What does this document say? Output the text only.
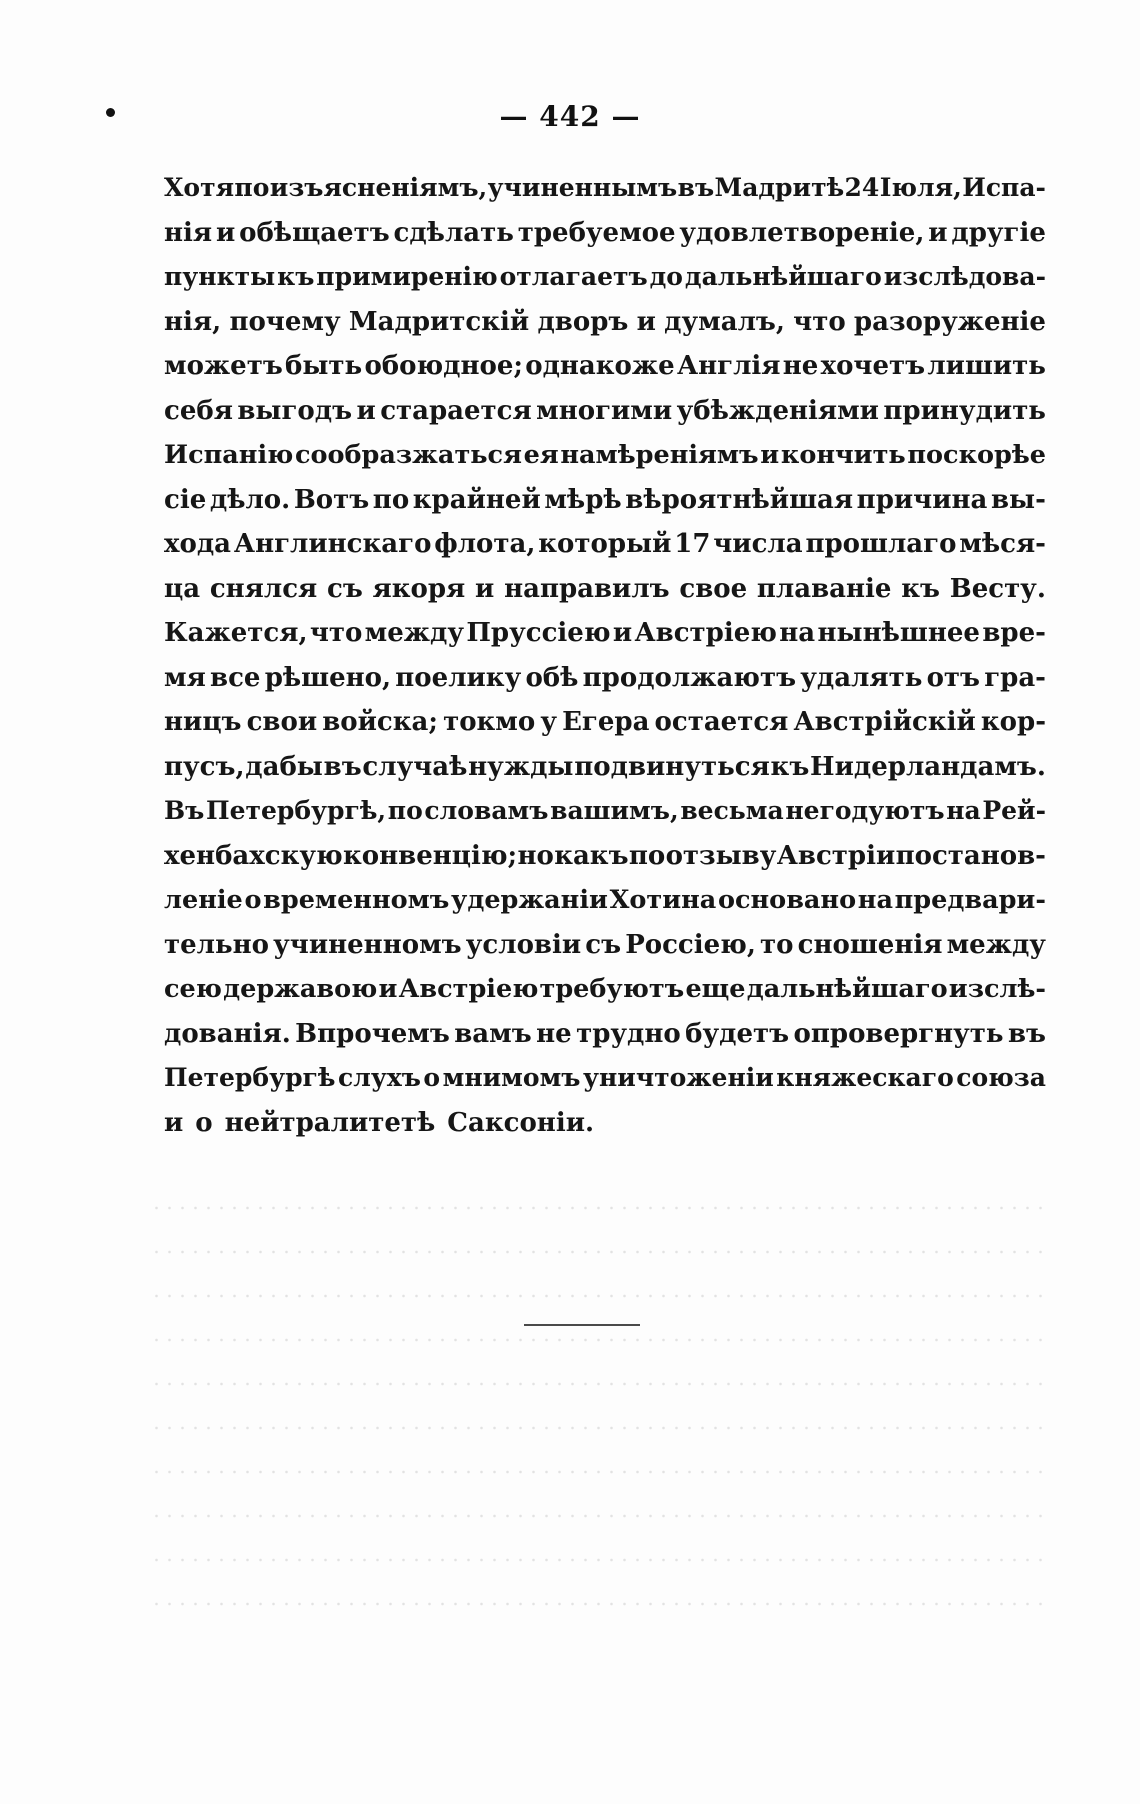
— 442 —
Хотя по изъясненіямъ, учиненнымъ въ Мадритѣ 24 Іюля, Испа-
нія и обѣщаетъ сдѣлать требуемое удовлетвореніе, и другіе
пункты къ примиренію отлагаетъ до дальнѣйшаго изслѣдова-
нія, почему Мадритскій дворъ и думалъ, что разоруженіе
можетъ быть обоюдное; однакоже Англія не хочетъ лишить
себя выгодъ и старается многими убѣжденіями принудить
Испанію сообразжаться ея намѣреніямъ и кончить поскорѣе
сіе дѣло. Вотъ по крайней мѣрѣ вѣроятнѣйшая причина вы-
хода Англинскаго флота, который 17 числа прошлаго мѣся-
ца снялся съ якоря и направилъ свое плаваніе къ Весту.
Кажется, что между Пруссіею и Австріею на нынѣшнее вре-
мя все рѣшено, поелику обѣ продолжаютъ удалять отъ гра-
ницъ свои войска; токмо у Егера остается Австрійскій кор-
пусъ, дабы въ случаѣ нужды подвинуться къ Нидерландамъ.
Въ Петербургѣ, по словамъ вашимъ, весьма негодуютъ на Рей-
хенбахскую конвенцію; но какъ по отзыву Австріи постанов-
леніе о временномъ удержаніи Хотина основано на предвари-
тельно учиненномъ условіи съ Россіею, то сношенія между
сею державою и Австріею требуютъ еще дальнѣйшаго изслѣ-
дованія. Впрочемъ вамъ не трудно будетъ опровергнуть въ
Петербургѣ слухъ о мнимомъ уничтоженіи княжескаго союза
и о нейтралитетѣ Саксоніи.
